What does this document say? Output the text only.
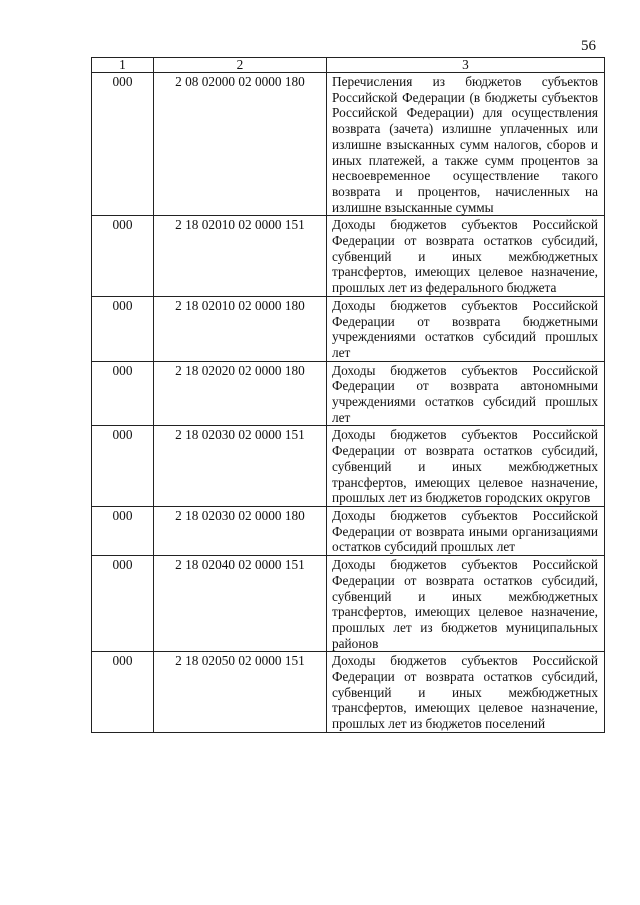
56
1	2	3
000	2 08 02000 02 0000 180	Перечисления из бюджетов субъектов Российской Федерации (в бюджеты субъектов Российской Федерации) для осуществления возврата (зачета) излишне уплаченных или излишне взысканных сумм налогов, сборов и иных платежей, а также сумм процентов за несвоевременное осуществление такого возврата и процентов, начисленных на излишне взысканные суммы
000	2 18 02010 02 0000 151	Доходы бюджетов субъектов Российской Федерации от возврата остатков субсидий, субвенций и иных межбюджетных трансфертов, имеющих целевое назначение, прошлых лет из федерального бюджета
000	2 18 02010 02 0000 180	Доходы бюджетов субъектов Российской Федерации от возврата бюджетными учреждениями остатков субсидий прошлых лет
000	2 18 02020 02 0000 180	Доходы бюджетов субъектов Российской Федерации от возврата автономными учреждениями остатков субсидий прошлых лет
000	2 18 02030 02 0000 151	Доходы бюджетов субъектов Российской Федерации от возврата остатков субсидий, субвенций и иных межбюджетных трансфертов, имеющих целевое назначение, прошлых лет из бюджетов городских округов
000	2 18 02030 02 0000 180	Доходы бюджетов субъектов Российской Федерации от возврата иными организациями остатков субсидий прошлых лет
000	2 18 02040 02 0000 151	Доходы бюджетов субъектов Российской Федерации от возврата остатков субсидий, субвенций и иных межбюджетных трансфертов, имеющих целевое назначение, прошлых лет из бюджетов муниципальных районов
000	2 18 02050 02 0000 151	Доходы бюджетов субъектов Российской Федерации от возврата остатков субсидий, субвенций и иных межбюджетных трансфертов, имеющих целевое назначение, прошлых лет из бюджетов поселений
